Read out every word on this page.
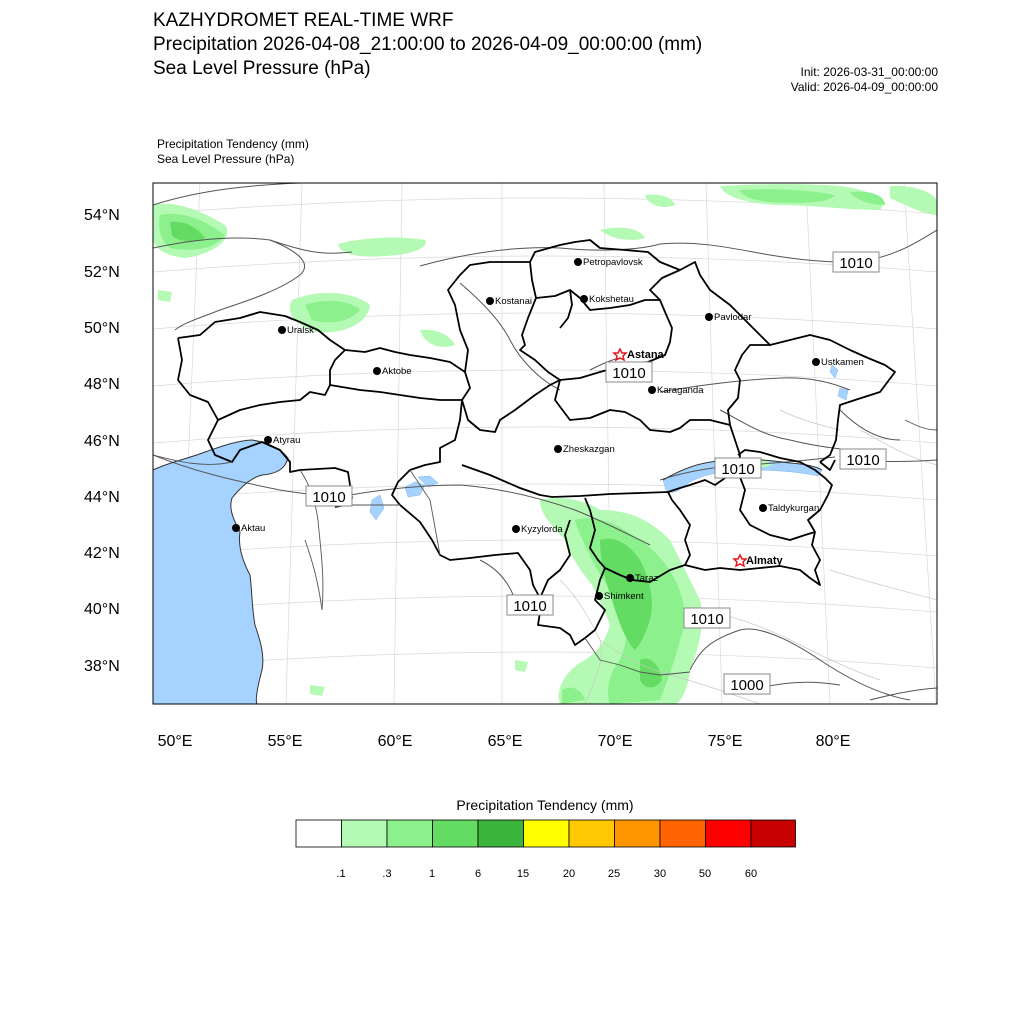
KAZHYDROMET REAL-TIME WRF
Precipitation 2026-04-08_21:00:00 to 2026-04-09_00:00:00 (mm)
Sea Level Pressure (hPa)	Init: 2026-03-31_00:00:00
Valid: 2026-04-09_00:00:00
Precipitation Tendency (mm)
Sea Level Pressure (hPa)
54°N
52°N
50°N
48°N
46°N
44°N
42°N
40°N
38°N
50°E	55°E	60°E	65°E	70°E	75°E	80°E
1010
1010
1010
1010
1010
1010
1010
1000
Petropavlovsk
Kostanai	Kokshetau
Pavlodar
Uralsk
Astana
Ustkamen
Aktobe
Karaganda
Atyrau
Zheskazgan
Taldykurgan
Aktau	Kyzylorda
Almaty
Taraz
Shimkent
Precipitation Tendency (mm)
.1	.3	1	6	15	20	25	30	50	60
